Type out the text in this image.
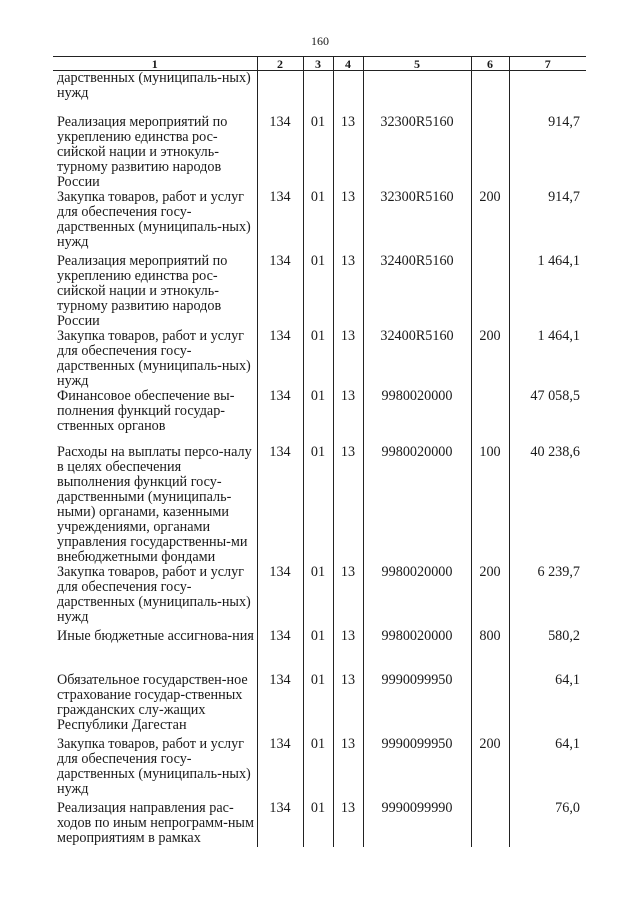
160
1	2	3	4	5	6	7
дарственных (муниципаль-ных) нужд						
Реализация мероприятий по укреплению единства рос-сийской нации и этнокуль-турному развитию народов России	134	01	13	32300R5160		914,7
Закупка товаров, работ и услуг для обеспечения госу-дарственных (муниципаль-ных) нужд	134	01	13	32300R5160	200	914,7
Реализация мероприятий по укреплению единства рос-сийской нации и этнокуль-турному развитию народов России	134	01	13	32400R5160		1 464,1
Закупка товаров, работ и услуг для обеспечения госу-дарственных (муниципаль-ных) нужд	134	01	13	32400R5160	200	1 464,1
Финансовое обеспечение вы-полнения функций государ-ственных органов	134	01	13	9980020000		47 058,5
Расходы на выплаты персо-налу в целях обеспечения выполнения функций госу-дарственными (муниципаль-ными) органами, казенными учреждениями, органами управления государственны-ми внебюджетными фондами	134	01	13	9980020000	100	40 238,6
Закупка товаров, работ и услуг для обеспечения госу-дарственных (муниципаль-ных) нужд	134	01	13	9980020000	200	6 239,7
Иные бюджетные ассигнова-ния	134	01	13	9980020000	800	580,2
Обязательное государствен-ное страхование государ-ственных гражданских слу-жащих Республики Дагестан	134	01	13	9990099950		64,1
Закупка товаров, работ и услуг для обеспечения госу-дарственных (муниципаль-ных) нужд	134	01	13	9990099950	200	64,1
Реализация направления рас-ходов по иным непрограмм-ным мероприятиям в рамках	134	01	13	9990099990		76,0
